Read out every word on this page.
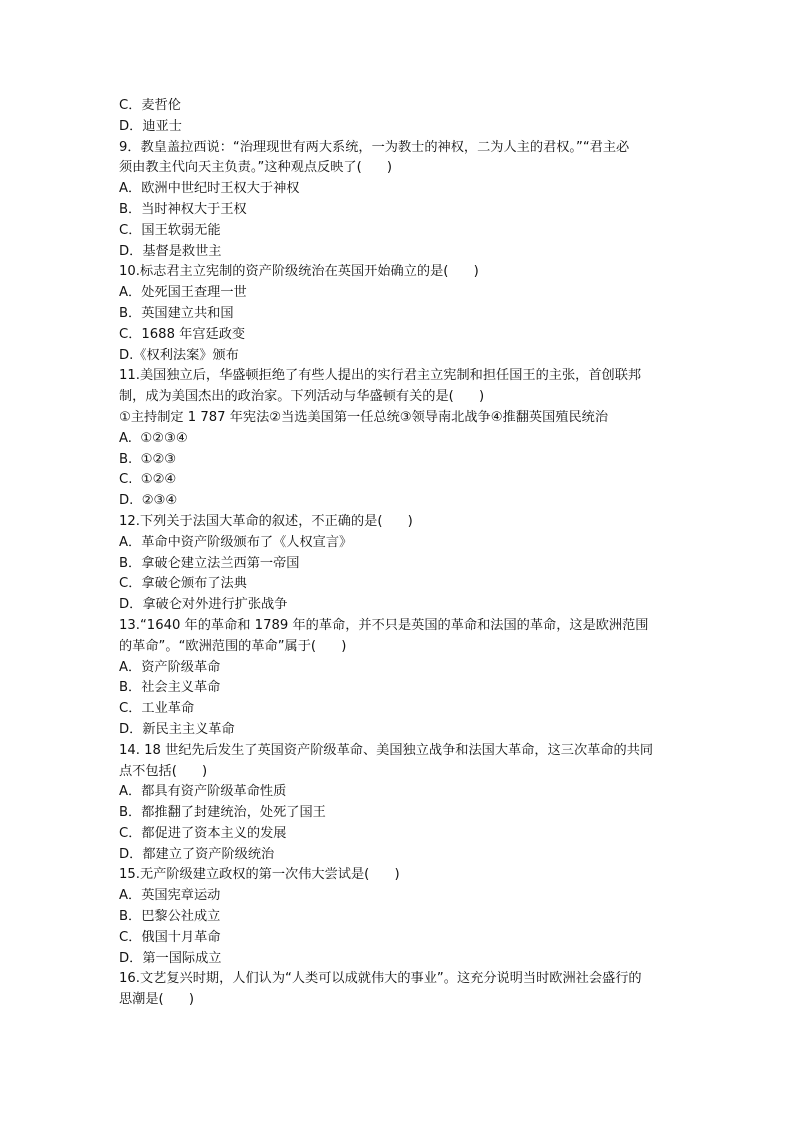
C．麦哲伦
D．迪亚士
9．教皇盖拉西说：“治理现世有两大系统，一为教士的神权，二为人主的君权。”“君主必
须由教主代向天主负责。”这种观点反映了(      )
A．欧洲中世纪时王权大于神权
B．当时神权大于王权
C．国王软弱无能
D．基督是救世主
10.标志君主立宪制的资产阶级统治在英国开始确立的是(      )
A．处死国王查理一世
B．英国建立共和国
C．1688 年宫廷政变
D.《权利法案》颁布
11.美国独立后，华盛顿拒绝了有些人提出的实行君主立宪制和担任国王的主张，首创联邦
制，成为美国杰出的政治家。下列活动与华盛顿有关的是(      )
①主持制定 1 787 年宪法②当选美国第一任总统③领导南北战争④推翻英国殖民统治
A.  ①②③④
B.  ①②③
C.  ①②④
D.  ②③④
12.下列关于法国大革命的叙述，不正确的是(      )
A．革命中资产阶级颁布了《人权宣言》
B．拿破仑建立法兰西第一帝国
C．拿破仑颁布了法典
D．拿破仑对外进行扩张战争
13.“1640 年的革命和 1789 年的革命，并不只是英国的革命和法国的革命，这是欧洲范围
的革命”。“欧洲范围的革命”属于(      )
A．资产阶级革命
B．社会主义革命
C．工业革命
D．新民主主义革命
14. 18 世纪先后发生了英国资产阶级革命、美国独立战争和法国大革命，这三次革命的共同
点不包括(      )
A．都具有资产阶级革命性质
B．都推翻了封建统治，处死了国王
C．都促进了资本主义的发展
D．都建立了资产阶级统治
15.无产阶级建立政权的第一次伟大尝试是(      )
A．英国宪章运动
B．巴黎公社成立
C．俄国十月革命
D．第一国际成立
16.文艺复兴时期，人们认为“人类可以成就伟大的事业”。这充分说明当时欧洲社会盛行的
思潮是(      )
